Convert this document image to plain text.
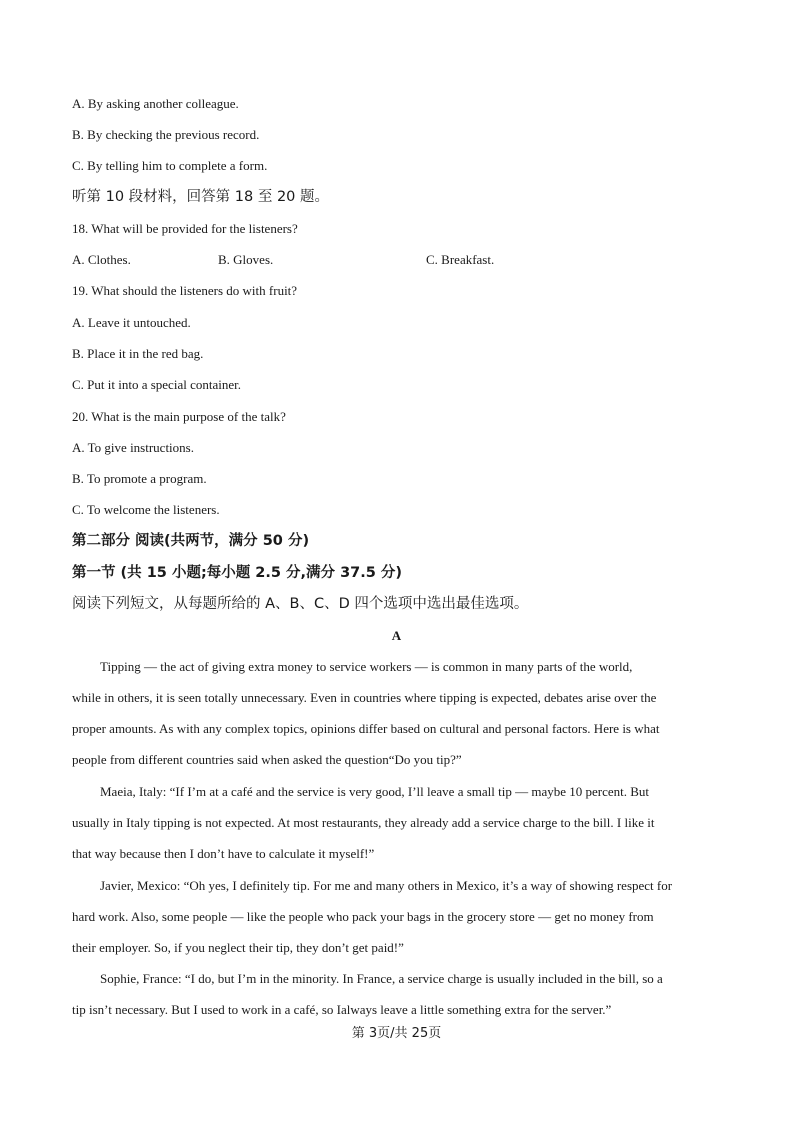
A. By asking another colleague.
B. By checking the previous record.
C. By telling him to complete a form.
听第 10 段材料，回答第 18 至 20 题。
18. What will be provided for the listeners?
A. Clothes.	B. Gloves.	C. Breakfast.
19. What should the listeners do with fruit?
A. Leave it untouched.
B. Place it in the red bag.
C. Put it into a special container.
20. What is the main purpose of the talk?
A. To give instructions.
B. To promote a program.
C. To welcome the listeners.
第二部分 阅读(共两节，满分 50 分)
第一节 (共 15 小题;每小题 2.5 分,满分 37.5 分)
阅读下列短文，从每题所给的 A、B、C、D 四个选项中选出最佳选项。
A
Tipping — the act of giving extra money to service workers — is common in many parts of the world,
while in others, it is seen totally unnecessary. Even in countries where tipping is expected, debates arise over the
proper amounts. As with any complex topics, opinions differ based on cultural and personal factors. Here is what
people from different countries said when asked the question“Do you tip?”
Maeia, Italy: “If I’m at a café and the service is very good, I’ll leave a small tip — maybe 10 percent. But
usually in Italy tipping is not expected. At most restaurants, they already add a service charge to the bill. I like it
that way because then I don’t have to calculate it myself!”
Javier, Mexico: “Oh yes, I definitely tip. For me and many others in Mexico, it’s a way of showing respect for
hard work. Also, some people — like the people who pack your bags in the grocery store — get no money from
their employer. So, if you neglect their tip, they don’t get paid!”
Sophie, France: “I do, but I’m in the minority. In France, a service charge is usually included in the bill, so a
tip isn’t necessary. But I used to work in a café, so Ialways leave a little something extra for the server.”
第 3页/共 25页
